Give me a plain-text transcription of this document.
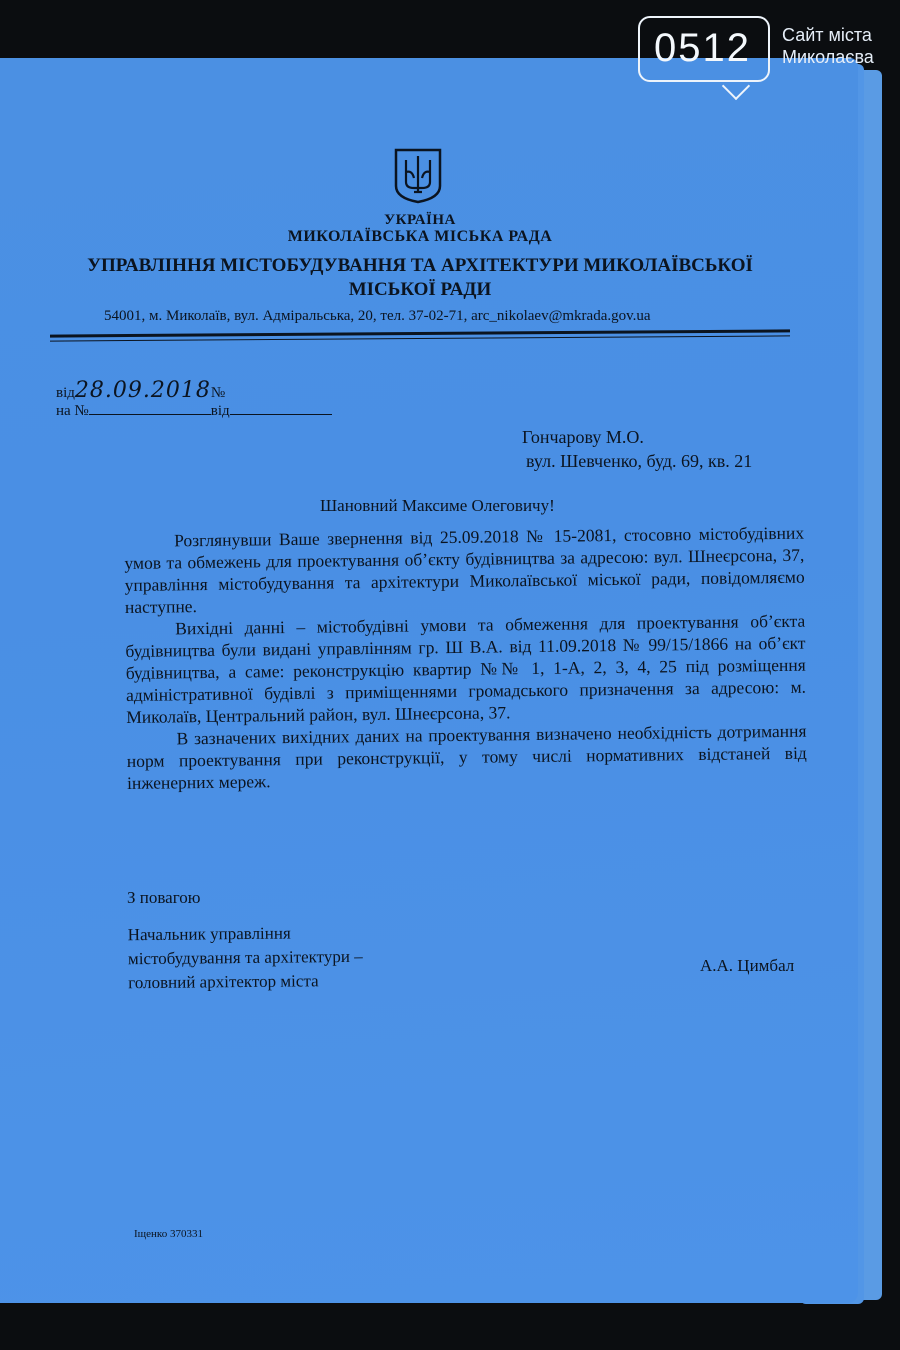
УКРАЇНА
МИКОЛАЇВСЬКА МІСЬКА РАДА
УПРАВЛІННЯ МІСТОБУДУВАННЯ ТА АРХІТЕКТУРИ МИКОЛАЇВСЬКОЇ МІСЬКОЇ РАДИ
54001, м. Миколаїв, вул. Адміральська, 20, тел. 37-02-71, arc_nikolaev@mkrada.gov.ua
від28.09.2018№
на №	від
Гончарову М.О.
вул. Шевченко, буд. 69, кв. 21
Шановний Максиме Олеговичу!

Розглянувши Ваше звернення від 25.09.2018 № 15-2081, стосовно містобудівних умов та обмежень для проектування об’єкту будівництва за адресою: вул. Шнеєрсона, 37, управління містобудування та архітектури Миколаївської міської ради, повідомляємо наступне.

Вихідні данні – містобудівні умови та обмеження для проектування об’єкта будівництва були видані управлінням гр. Ш В.А. від 11.09.2018 № 99/15/1866 на об’єкт будівництва, а саме: реконструкцію квартир №№ 1, 1-А, 2, 3, 4, 25 під розміщення адміністративної будівлі з приміщеннями громадського призначення за адресою: м. Миколаїв, Центральний район, вул. Шнеєрсона, 37.

В зазначених вихідних даних на проектування визначено необхідність дотримання норм проектування при реконструкції, у тому числі нормативних відстаней від інженерних мереж.

З повагою
Начальник управління
містобудування та архітектури –
головний архітектор міста
А.А. Цимбал
Іщенко 370331
0512 Сайт міста
Миколаєва
